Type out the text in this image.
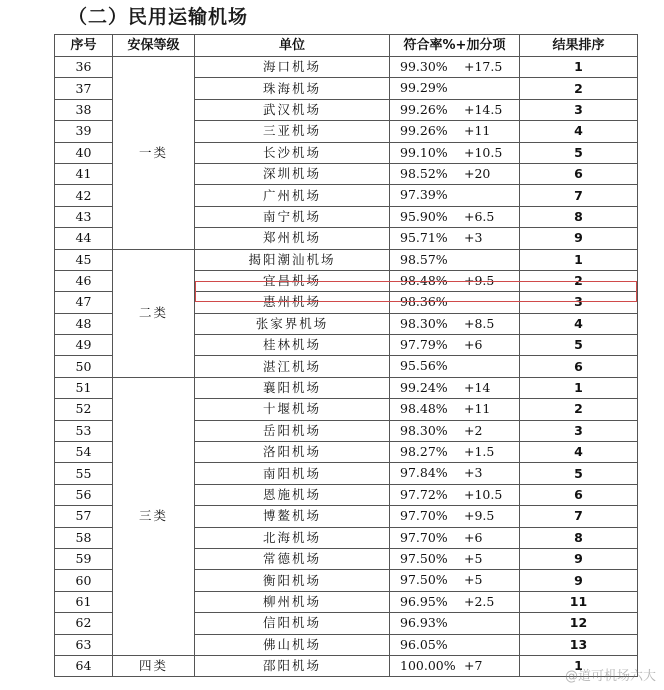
（二）民用运输机场
序号	安保等级	单位	符合率%+加分项	结果排序
36	一类	海口机场	99.30% +17.5	1
37		珠海机场	99.29%	2
38		武汉机场	99.26% +14.5	3
39		三亚机场	99.26% +11	4
40		长沙机场	99.10% +10.5	5
41		深圳机场	98.52% +20	6
42		广州机场	97.39%	7
43		南宁机场	95.90% +6.5	8
44		郑州机场	95.71% +3	9
45	二类	揭阳潮汕机场	98.57%	1
46		宜昌机场	98.48% +9.5	2
47		惠州机场	98.36%	3
48		张家界机场	98.30% +8.5	4
49		桂林机场	97.79% +6	5
50		湛江机场	95.56%	6
51	三类	襄阳机场	99.24% +14	1
52		十堰机场	98.48% +11	2
53		岳阳机场	98.30% +2	3
54		洛阳机场	98.27% +1.5	4
55		南阳机场	97.84% +3	5
56		恩施机场	97.72% +10.5	6
57		博鳌机场	97.70% +9.5	7
58		北海机场	97.70% +6	8
59		常德机场	97.50% +5	9
60		衡阳机场	97.50% +5	9
61		柳州机场	96.95% +2.5	11
62		信阳机场	96.93%	12
63		佛山机场	96.05%	13
64	四类	邵阳机场	100.00% +7	1
@道可机场六大
